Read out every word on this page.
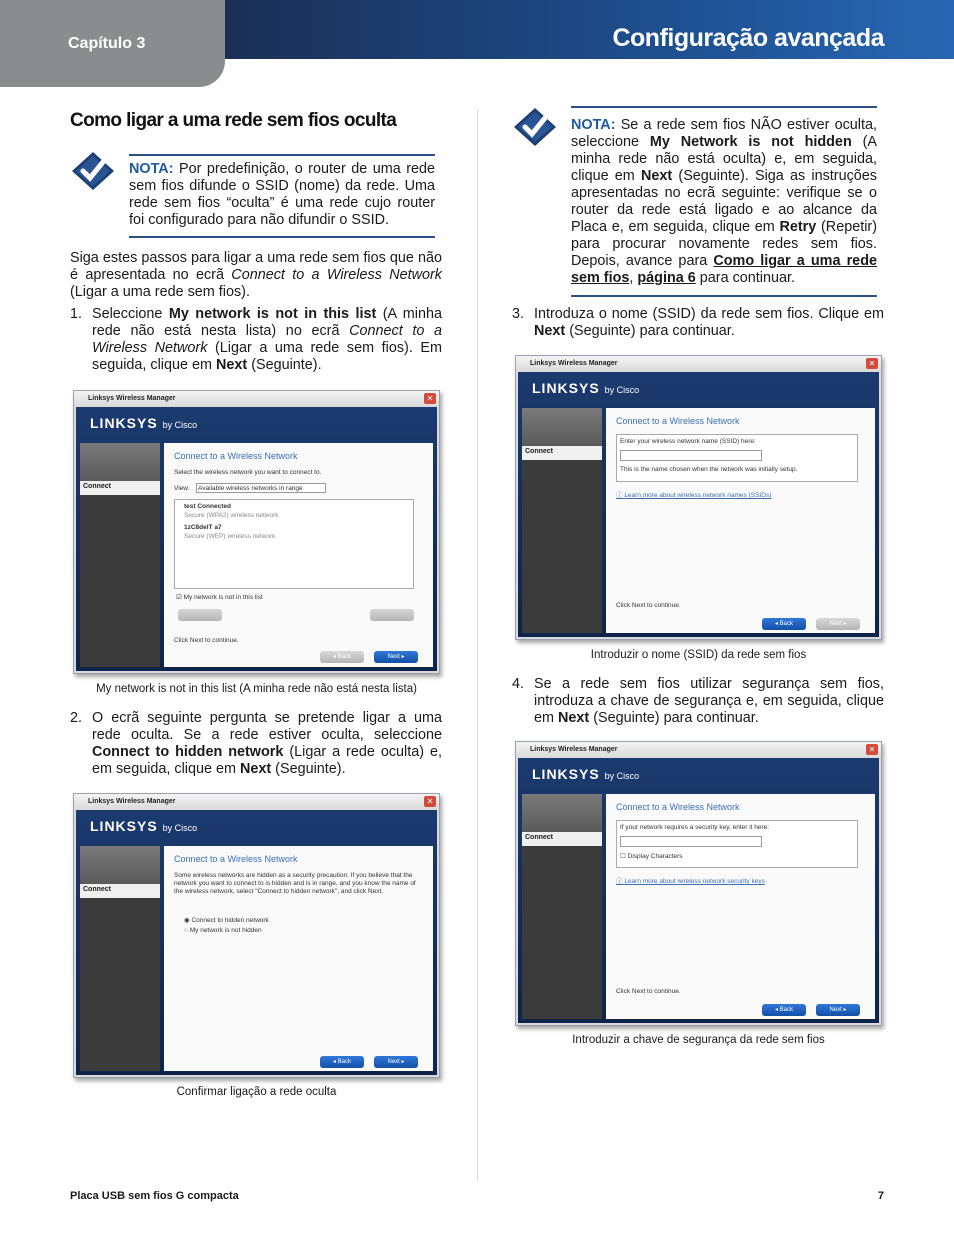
Capítulo 3	Configuração avançada
Como ligar a uma rede sem fios oculta
NOTA: Por predefinição, o router de uma rede sem fios difunde o SSID (nome) da rede. Uma rede sem fios “oculta” é uma rede cujo router foi configurado para não difundir o SSID.
Siga estes passos para ligar a uma rede sem fios que não é apresentada no ecrã Connect to a Wireless Network (Ligar a uma rede sem fios).
1. Seleccione My network is not in this list (A minha rede não está nesta lista) no ecrã Connect to a Wireless Network (Ligar a uma rede sem fios). Em seguida, clique em Next (Seguinte).
Linksys Wireless Manager	✕
LINKSYS by Cisco
Connect
Connect to a Wireless Network
Select the wireless network you want to connect to.
View:	Available wireless networks in range
test Connected
Secure (WPA2) wireless network
1zC8deIT a7
Secure (WEP) wireless network
☑ My network is not in this list
Click Next to continue.
◂ Back	Next ▸
My network is not in this list (A minha rede não está nesta lista)
2. O ecrã seguinte pergunta se pretende ligar a uma rede oculta. Se a rede estiver oculta, seleccione Connect to hidden network (Ligar a rede oculta) e, em seguida, clique em Next (Seguinte).
Linksys Wireless Manager	✕
LINKSYS by Cisco
Connect
Connect to a Wireless Network
Some wireless networks are hidden as a security precaution. If you believe that the network you want to connect to is hidden and is in range, and you know the name of the wireless network, select "Connect to hidden network", and click Next.
◉ Connect to hidden network
○ My network is not hidden
◂ Back	Next ▸
Confirmar ligação a rede oculta
NOTA: Se a rede sem fios NÃO estiver oculta, seleccione My Network is not hidden (A minha rede não está oculta) e, em seguida, clique em Next (Seguinte). Siga as instruções apresentadas no ecrã seguinte: verifique se o router da rede está ligado e ao alcance da Placa e, em seguida, clique em Retry (Repetir) para procurar novamente redes sem fios. Depois, avance para Como ligar a uma rede sem fios, página 6 para continuar.
3. Introduza o nome (SSID) da rede sem fios. Clique em Next (Seguinte) para continuar.
Linksys Wireless Manager	✕
LINKSYS by Cisco
Connect
Connect to a Wireless Network
Enter your wireless network name (SSID) here:
This is the name chosen when the network was initially setup.
ⓘ Learn more about wireless network names (SSIDs)
Click Next to continue.
◂ Back	Next ▸
Introduzir o nome (SSID) da rede sem fios
4. Se a rede sem fios utilizar segurança sem fios, introduza a chave de segurança e, em seguida, clique em Next (Seguinte) para continuar.
Linksys Wireless Manager	✕
LINKSYS by Cisco
Connect
Connect to a Wireless Network
If your network requires a security key, enter it here:
☐ Display Characters
ⓘ Learn more about wireless network security keys
Click Next to continue.
◂ Back	Next ▸
Introduzir a chave de segurança da rede sem fios
Placa USB sem fios G compacta	7
